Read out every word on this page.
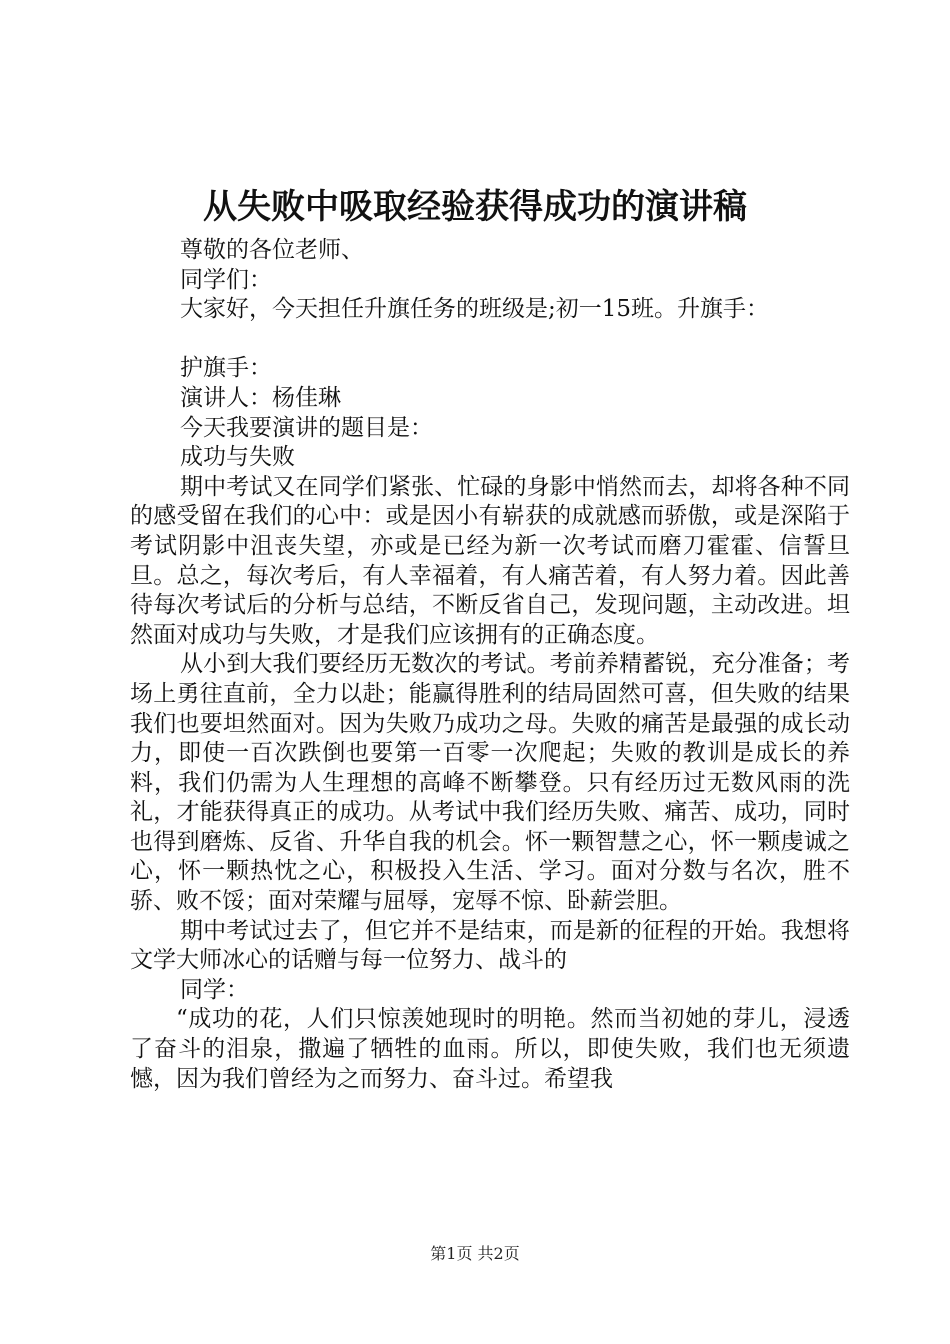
从失败中吸取经验获得成功的演讲稿

尊敬的各位老师、

同学们：

大家好，今天担任升旗任务的班级是;初一15班。升旗手：

护旗手：

演讲人：杨佳琳

今天我要演讲的题目是：

成功与失败

期中考试又在同学们紧张、忙碌的身影中悄然而去，却将各种不同的感受留在我们的心中：或是因小有崭获的成就感而骄傲，或是深陷于考试阴影中沮丧失望，亦或是已经为新一次考试而磨刀霍霍、信誓旦旦。总之，每次考后，有人幸福着，有人痛苦着，有人努力着。因此善待每次考试后的分析与总结，不断反省自己，发现问题，主动改进。坦然面对成功与失败，才是我们应该拥有的正确态度。

从小到大我们要经历无数次的考试。考前养精蓄锐，充分准备；考场上勇往直前，全力以赴；能赢得胜利的结局固然可喜，但失败的结果我们也要坦然面对。因为失败乃成功之母。失败的痛苦是最强的成长动力，即使一百次跌倒也要第一百零一次爬起；失败的教训是成长的养料，我们仍需为人生理想的高峰不断攀登。只有经历过无数风雨的洗礼，才能获得真正的成功。从考试中我们经历失败、痛苦、成功，同时也得到磨炼、反省、升华自我的机会。怀一颗智慧之心，怀一颗虔诚之心，怀一颗热忱之心，积极投入生活、学习。面对分数与名次，胜不骄、败不馁；面对荣耀与屈辱，宠辱不惊、卧薪尝胆。

期中考试过去了，但它并不是结束，而是新的征程的开始。我想将文学大师冰心的话赠与每一位努力、战斗的

同学：

“成功的花，人们只惊羡她现时的明艳。然而当初她的芽儿，浸透了奋斗的泪泉，撒遍了牺牲的血雨。所以，即使失败，我们也无须遗憾，因为我们曾经为之而努力、奋斗过。希望我

第1页 共2页
